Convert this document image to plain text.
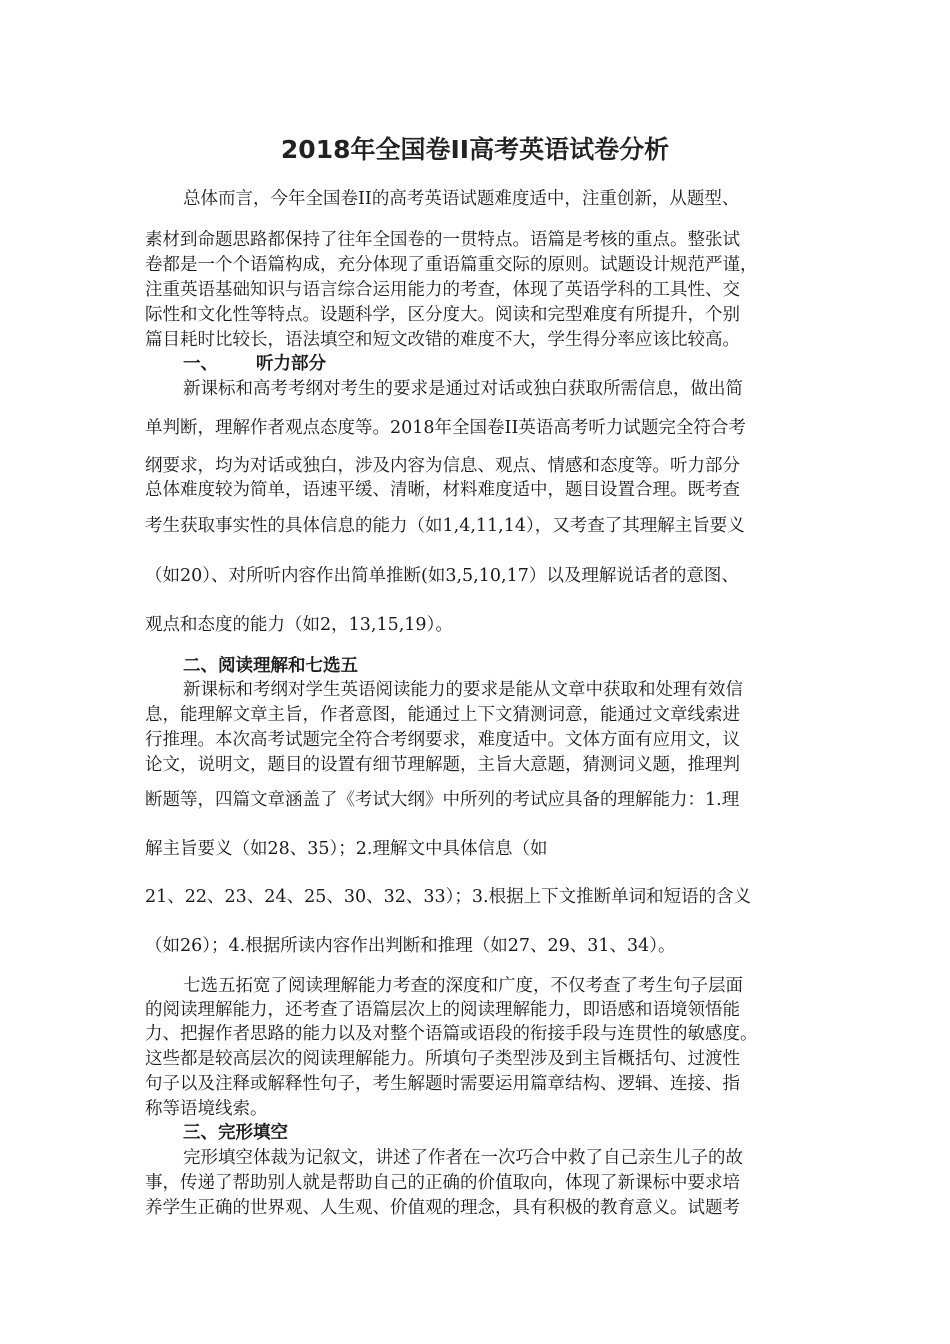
2018年全国卷II高考英语试卷分析
总体而言，今年全国卷II的高考英语试题难度适中，注重创新，从题型、
素材到命题思路都保持了往年全国卷的一贯特点。语篇是考核的重点。整张试
卷都是一个个语篇构成，充分体现了重语篇重交际的原则。试题设计规范严谨，
注重英语基础知识与语言综合运用能力的考查，体现了英语学科的工具性、交
际性和文化性等特点。设题科学，区分度大。阅读和完型难度有所提升，个别
篇目耗时比较长，语法填空和短文改错的难度不大，学生得分率应该比较高。
一、 听力部分
新课标和高考考纲对考生的要求是通过对话或独白获取所需信息，做出简
单判断，理解作者观点态度等。2018年全国卷II英语高考听力试题完全符合考
纲要求，均为对话或独白，涉及内容为信息、观点、情感和态度等。听力部分
总体难度较为简单，语速平缓、清晰，材料难度适中，题目设置合理。既考查
考生获取事实性的具体信息的能力（如1,4,11,14），又考查了其理解主旨要义
（如20）、对所听内容作出简单推断(如3,5,10,17）以及理解说话者的意图、
观点和态度的能力（如2，13,15,19）。
二、阅读理解和七选五
新课标和考纲对学生英语阅读能力的要求是能从文章中获取和处理有效信
息，能理解文章主旨，作者意图，能通过上下文猜测词意，能通过文章线索进
行推理。本次高考试题完全符合考纲要求，难度适中。文体方面有应用文，议
论文，说明文，题目的设置有细节理解题，主旨大意题，猜测词义题，推理判
断题等，四篇文章涵盖了《考试大纲》中所列的考试应具备的理解能力：1.理
解主旨要义（如28、35）；2.理解文中具体信息（如
21、22、23、24、25、30、32、33）；3.根据上下文推断单词和短语的含义
（如26）；4.根据所读内容作出判断和推理（如27、29、31、34）。
七选五拓宽了阅读理解能力考查的深度和广度，不仅考查了考生句子层面
的阅读理解能力，还考查了语篇层次上的阅读理解能力，即语感和语境领悟能
力、把握作者思路的能力以及对整个语篇或语段的衔接手段与连贯性的敏感度。
这些都是较高层次的阅读理解能力。所填句子类型涉及到主旨概括句、过渡性
句子以及注释或解释性句子，考生解题时需要运用篇章结构、逻辑、连接、指
称等语境线索。
三、完形填空
完形填空体裁为记叙文，讲述了作者在一次巧合中救了自己亲生儿子的故
事，传递了帮助别人就是帮助自己的正确的价值取向，体现了新课标中要求培
养学生正确的世界观、人生观、价值观的理念，具有积极的教育意义。试题考
